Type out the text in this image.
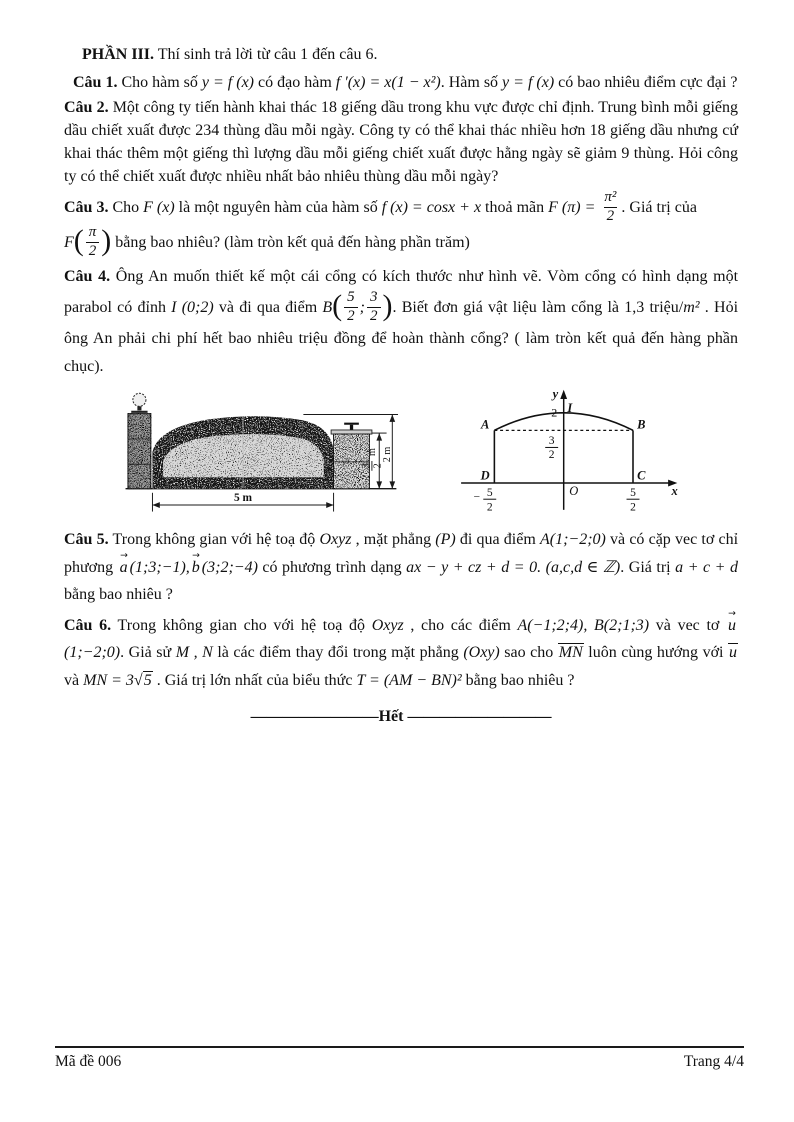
PHẦN III. Thí sinh trả lời từ câu 1 đến câu 6.

Câu 1. Cho hàm số y = f (x) có đạo hàm f ′(x) = x(1 − x²). Hàm số y = f (x) có bao nhiêu điểm cực đại ?

Câu 2. Một công ty tiến hành khai thác 18 giếng dầu trong khu vực được chỉ định. Trung bình mỗi giếng dầu chiết xuất được 234 thùng dầu mỗi ngày. Công ty có thể khai thác nhiều hơn 18 giếng dầu nhưng cứ khai thác thêm một giếng thì lượng dầu mỗi giếng chiết xuất được hằng ngày sẽ giảm 9 thùng. Hỏi công ty có thể chiết xuất được nhiều nhất bảo nhiêu thùng dầu mỗi ngày?

Câu 3. Cho F (x) là một nguyên hàm của hàm số f (x) = cosx + x thoả mãn F $(\pi) = \frac{\text{π²}}{2}$ . Giá trị của
$F( \frac{\pi}{2}$ ) bằng bao nhiêu? (làm tròn kết quả đến hàng phần trăm)

Câu 4. Ông An muốn thiết kế một cái cổng có kích thước như hình vẽ. Vòm cổng có hình dạng một parabol có đỉnh I (0;2) và đi qua điểm $B( \frac{5}{2}$ ; $\frac{3}{2}$ ). Biết đơn giá vật liệu làm cổng là 1,3 triệu/m² . Hỏi ông An phải chi phí hết bao nhiêu triệu đồng để hoàn thành cổng? ( làm tròn kết quả đến hàng phần chục).

5 m
3 2
m 2 m
y
x
O
2 I
A	B
D	C
3
2
− 5
2
5
2

Câu 5. Trong không gian với hệ toạ độ Oxyz , mặt phẳng (P) đi qua điểm A(1;−2;0) và có cặp vec tơ chỉ phương a → (1;3;−1), b → (3;2;−4) có phương trình dạng ax − y + cz + d = 0. (a,c,d ∈ ℤ). Giá trị a + c + d bằng bao nhiêu ?

Câu 6. Trong không gian cho với hệ toạ độ Oxyz , cho các điểm A(−1;2;4), B(2;1;3) và vec tơ u →(1;−2;0). Giả sử M , N là các điểm thay đổi trong mặt phẳng (Oxy) sao cho MN luôn cùng hướng với u và MN = 3√5 . Giá trị lớn nhất của biểu thức T = (AM − BN)² bằng bao nhiêu ?

————————Hết —————————
Mã đề 006	Trang 4/4
